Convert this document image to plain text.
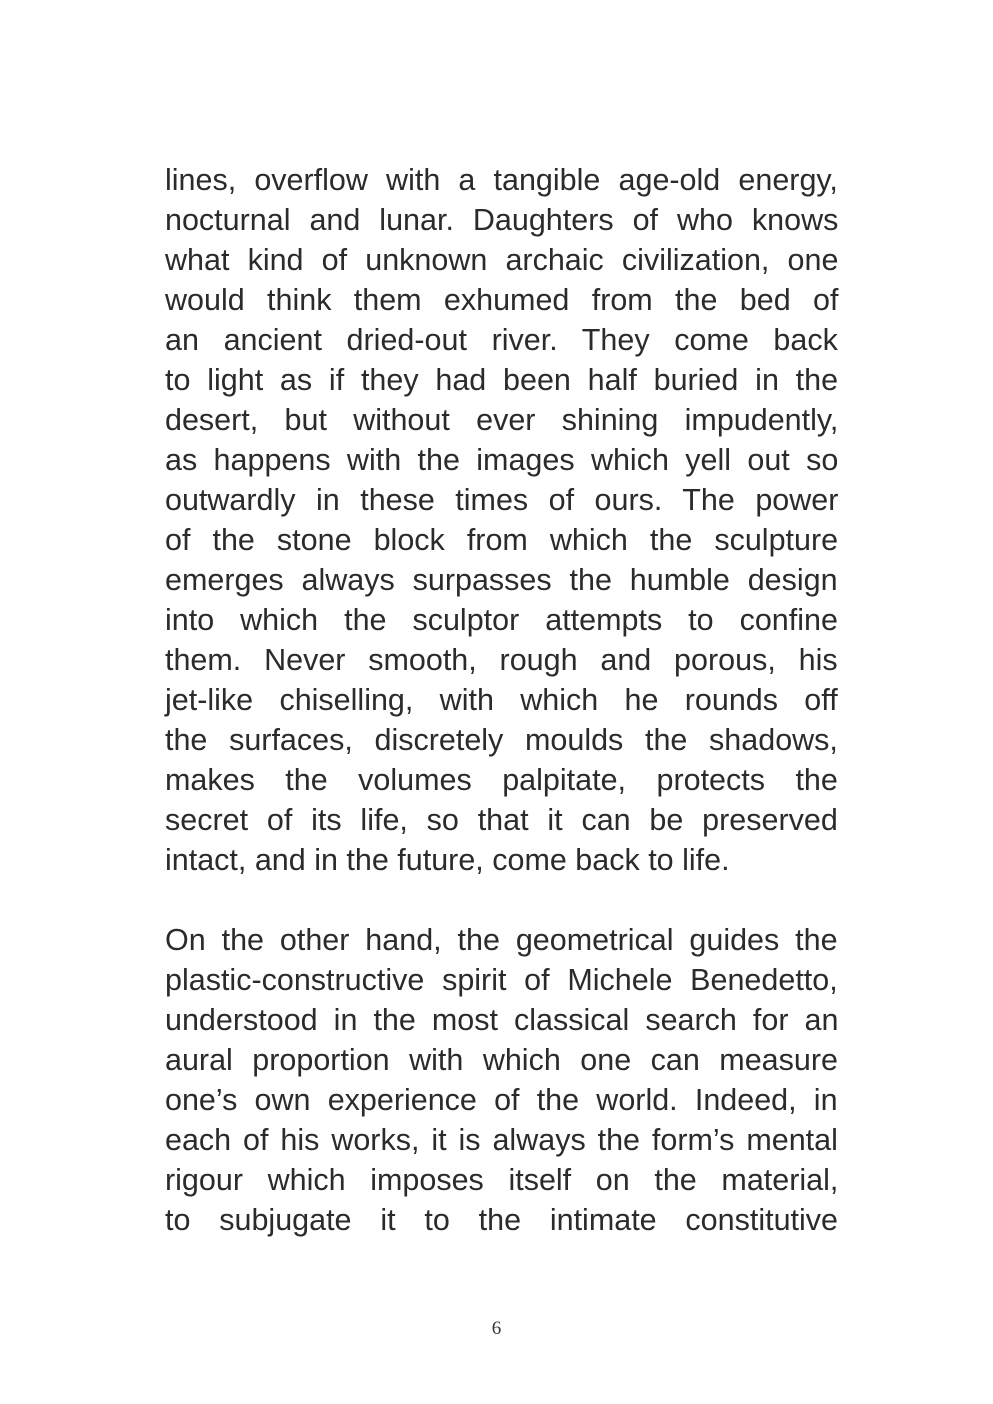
lines, overflow with a tangible age-old energy,
nocturnal and lunar. Daughters of who knows
what kind of unknown archaic civilization, one
would think them exhumed from the bed of
an ancient dried-out river. They come back
to light as if they had been half buried in the
desert, but without ever shining impudently,
as happens with the images which yell out so
outwardly in these times of ours. The power
of the stone block from which the sculpture
emerges always surpasses the humble design
into which the sculptor attempts to confine
them. Never smooth, rough and porous, his
jet-like chiselling, with which he rounds off
the surfaces, discretely moulds the shadows,
makes the volumes palpitate, protects the
secret of its life, so that it can be preserved
intact, and in the future, come back to life.

On the other hand, the geometrical guides the
plastic-constructive spirit of Michele Benedetto,
understood in the most classical search for an
aural proportion with which one can measure
one’s own experience of the world. Indeed, in
each of his works, it is always the form’s mental
rigour which imposes itself on the material,
to subjugate it to the intimate constitutive

6
